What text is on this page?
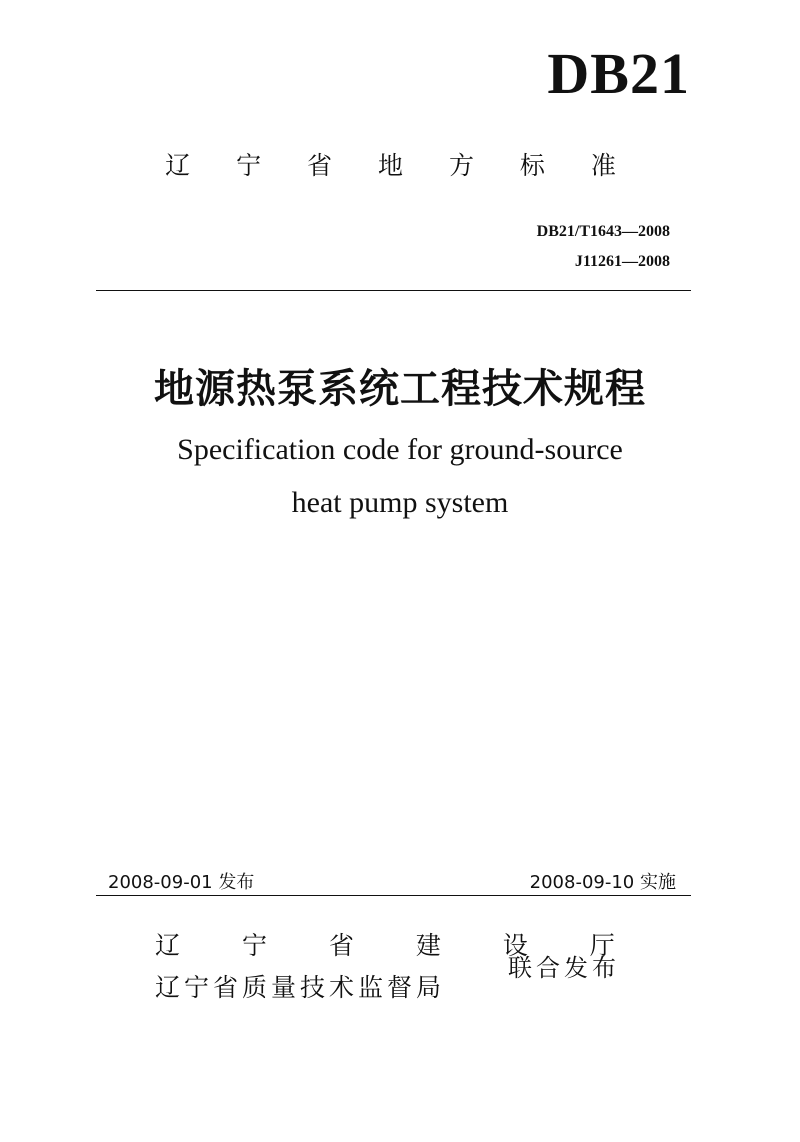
DB21
辽 宁 省 地 方 标 准
DB21/T1643—2008
J11261—2008
地源热泵系统工程技术规程
Specification code for ground-source
heat pump system
2008-09-01 发布	2008-09-10 实施
辽 宁 省 建 设 厅
辽宁省质量技术监督局
联合发布
